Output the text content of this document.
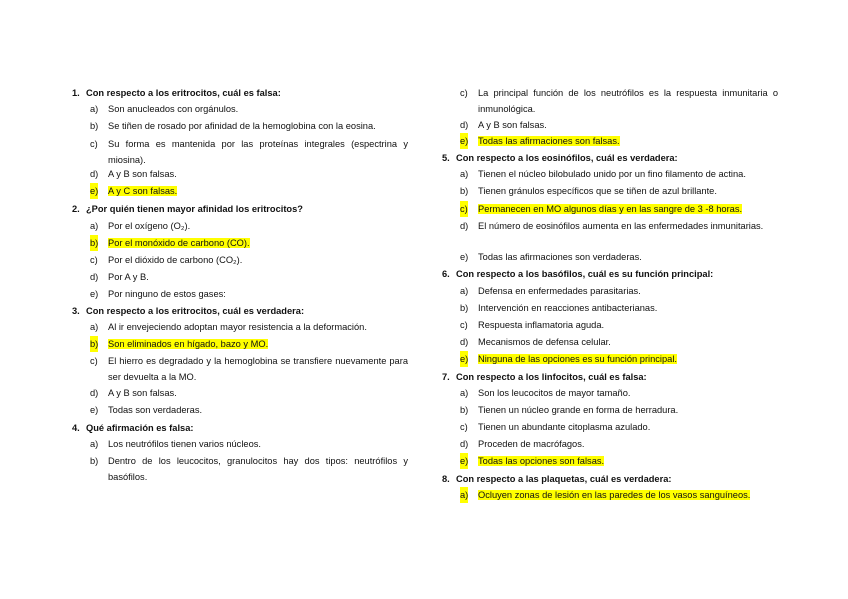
1. Con respecto a los eritrocitos, cuál es falsa:
a) Son anucleados con orgánulos.
b) Se tiñen de rosado por afinidad de la hemoglobina con la eosina.
c) Su forma es mantenida por las proteínas integrales (espectrina y miosina).
d) A y B son falsas.
e) A y C son falsas.
2. ¿Por quién tienen mayor afinidad los eritrocitos?
a) Por el oxígeno (O₂).
b) Por el monóxido de carbono (CO).
c) Por el dióxido de carbono (CO₂).
d) Por A y B.
e) Por ninguno de estos gases:
3. Con respecto a los eritrocitos, cuál es verdadera:
a) Al ir envejeciendo adoptan mayor resistencia a la deformación.
b) Son eliminados en hígado, bazo y MO.
c) El hierro es degradado y la hemoglobina se transfiere nuevamente para ser devuelta a la MO.
d) A y B son falsas.
e) Todas son verdaderas.
4. Qué afirmación es falsa:
a) Los neutrófilos tienen varios núcleos.
b) Dentro de los leucocitos, granulocitos hay dos tipos: neutrófilos y basófilos.
c) La principal función de los neutrófilos es la respuesta inmunitaria o inmunológica.
d) A y B son falsas.
e) Todas las afirmaciones son falsas.
5. Con respecto a los eosinófilos, cuál es verdadera:
a) Tienen el núcleo bilobulado unido por un fino filamento de actina.
b) Tienen gránulos específicos que se tiñen de azul brillante.
c) Permanecen en MO algunos días y en las sangre de 3 -8 horas.
d) El número de eosinófilos aumenta en las enfermedades inmunitarias.
e) Todas las afirmaciones son verdaderas.
6. Con respecto a los basófilos, cuál es su función principal:
a) Defensa en enfermedades parasitarias.
b) Intervención en reacciones antibacterianas.
c) Respuesta inflamatoria aguda.
d) Mecanismos de defensa celular.
e) Ninguna de las opciones es su función principal.
7. Con respecto a los linfocitos, cuál es falsa:
a) Son los leucocitos de mayor tamaño.
b) Tienen un núcleo grande en forma de herradura.
c) Tienen un abundante citoplasma azulado.
d) Proceden de macrófagos.
e) Todas las opciones son falsas.
8. Con respecto a las plaquetas, cuál es verdadera:
a) Ocluyen zonas de lesión en las paredes de los vasos sanguíneos.
